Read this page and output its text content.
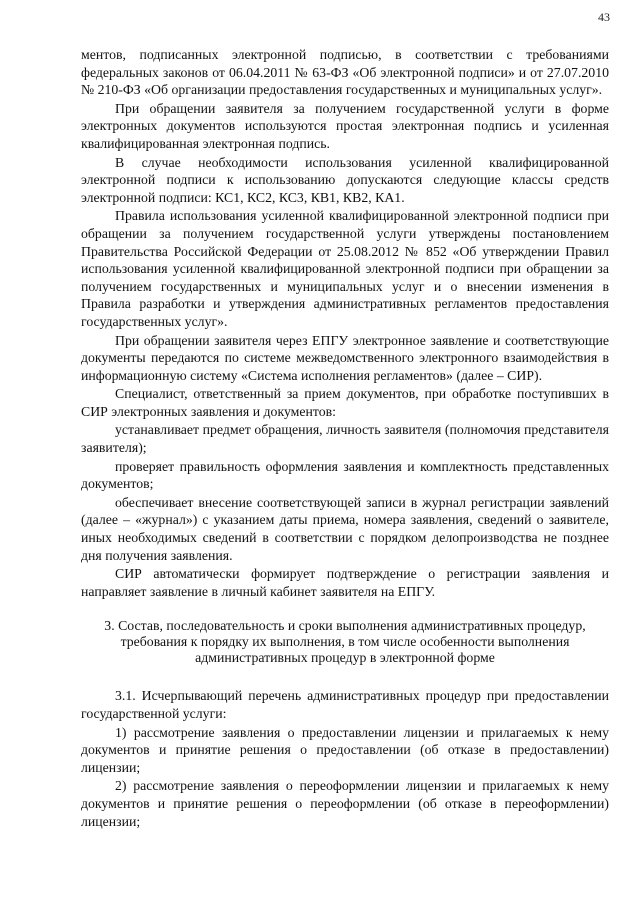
43

ментов, подписанных электронной подписью, в соответствии с требованиями федеральных законов от 06.04.2011 № 63-ФЗ «Об электронной подписи» и от 27.07.2010 № 210-ФЗ «Об организации предоставления государственных и муниципальных услуг».

При обращении заявителя за получением государственной услуги в форме электронных документов используются простая электронная подпись и усиленная квалифицированная электронная подпись.

В случае необходимости использования усиленной квалифицированной электронной подписи к использованию допускаются следующие классы средств электронной подписи: КС1, КС2, КС3, КВ1, КВ2, КА1.

Правила использования усиленной квалифицированной электронной подписи при обращении за получением государственной услуги утверждены постановлением Правительства Российской Федерации от 25.08.2012 № 852 «Об утверждении Правил использования усиленной квалифицированной электронной подписи при обращении за получением государственных и муниципальных услуг и о внесении изменения в Правила разработки и утверждения административных регламентов предоставления государственных услуг».

При обращении заявителя через ЕПГУ электронное заявление и соответствующие документы передаются по системе межведомственного электронного взаимодействия в информационную систему «Система исполнения регламентов» (далее – СИР).

Специалист, ответственный за прием документов, при обработке поступивших в СИР электронных заявления и документов:

устанавливает предмет обращения, личность заявителя (полномочия представителя заявителя);

проверяет правильность оформления заявления и комплектность представленных документов;

обеспечивает внесение соответствующей записи в журнал регистрации заявлений (далее – «журнал») с указанием даты приема, номера заявления, сведений о заявителе, иных необходимых сведений в соответствии с порядком делопроизводства не позднее дня получения заявления.

СИР автоматически формирует подтверждение о регистрации заявления и направляет заявление в личный кабинет заявителя на ЕПГУ.

3. Состав, последовательность и сроки выполнения административных процедур, требования к порядку их выполнения, в том числе особенности выполнения административных процедур в электронной форме

3.1. Исчерпывающий перечень административных процедур при предоставлении государственной услуги:

1) рассмотрение заявления о предоставлении лицензии и прилагаемых к нему документов и принятие решения о предоставлении (об отказе в предоставлении) лицензии;

2) рассмотрение заявления о переоформлении лицензии и прилагаемых к нему документов и принятие решения о переоформлении (об отказе в переоформлении) лицензии;
